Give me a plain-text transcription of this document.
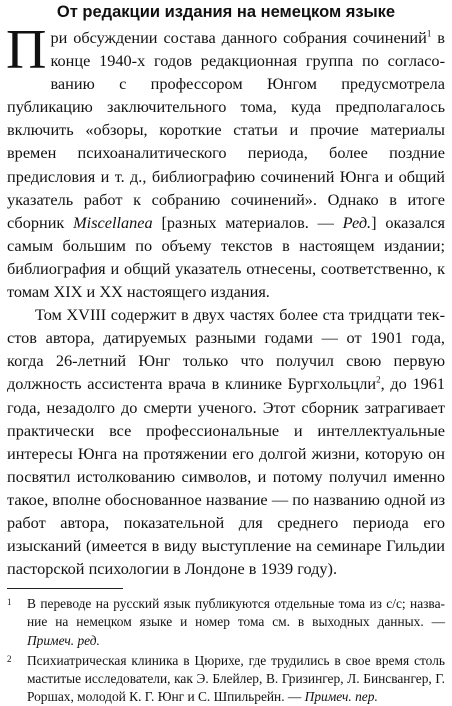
От редакции издания на немецком языке

При обсуждении состава данного собрания сочинений$^1$ в конце 1940-х годов редакционная группа по согласованию с профессором Юнгом предусмотрела публикацию заключительного тома, куда предполагалось включить «обзоры, короткие статьи и прочие материалы времен психоаналитического периода, более поздние предисловия и т. д., библиографию сочинений Юнга и общий указатель работ к собранию сочинений». Однако в итоге сборник Miscellanea [разных материалов. — Ред.] оказался самым большим по объему текстов в настоящем издании; библиография и общий указатель отнесены, соответственно, к томам XIX и XX настоящего издания.

Том XVIII содержит в двух частях более ста тридцати текстов автора, датируемых разными годами — от 1901 года, когда 26-летний Юнг только что получил свою первую должность ассистента врача в клинике Бургхольцли$^2$, до 1961 года, незадолго до смерти ученого. Этот сборник затрагивает практически все профессиональные и интеллектуальные интересы Юнга на протяжении его долгой жизни, которую он посвятил истолкованию символов, и потому получил именно такое, вполне обоснованное название — по названию одной из работ автора, показательной для среднего периода его изысканий (имеется в виду выступление на семинаре Гильдии пасторской психологии в Лондоне в 1939 году).

1 В переводе на русский язык публикуются отдельные тома из с/с; название на немецком языке и номер тома см. в выходных данных. — Примеч. ред.
2 Психиатрическая клиника в Цюрихе, где трудились в свое время столь маститые исследователи, как Э. Блейлер, В. Гризингер, Л. Бинсвангер, Г. Роршах, молодой К. Г. Юнг и С. Шпильрейн. — Примеч. пер.
